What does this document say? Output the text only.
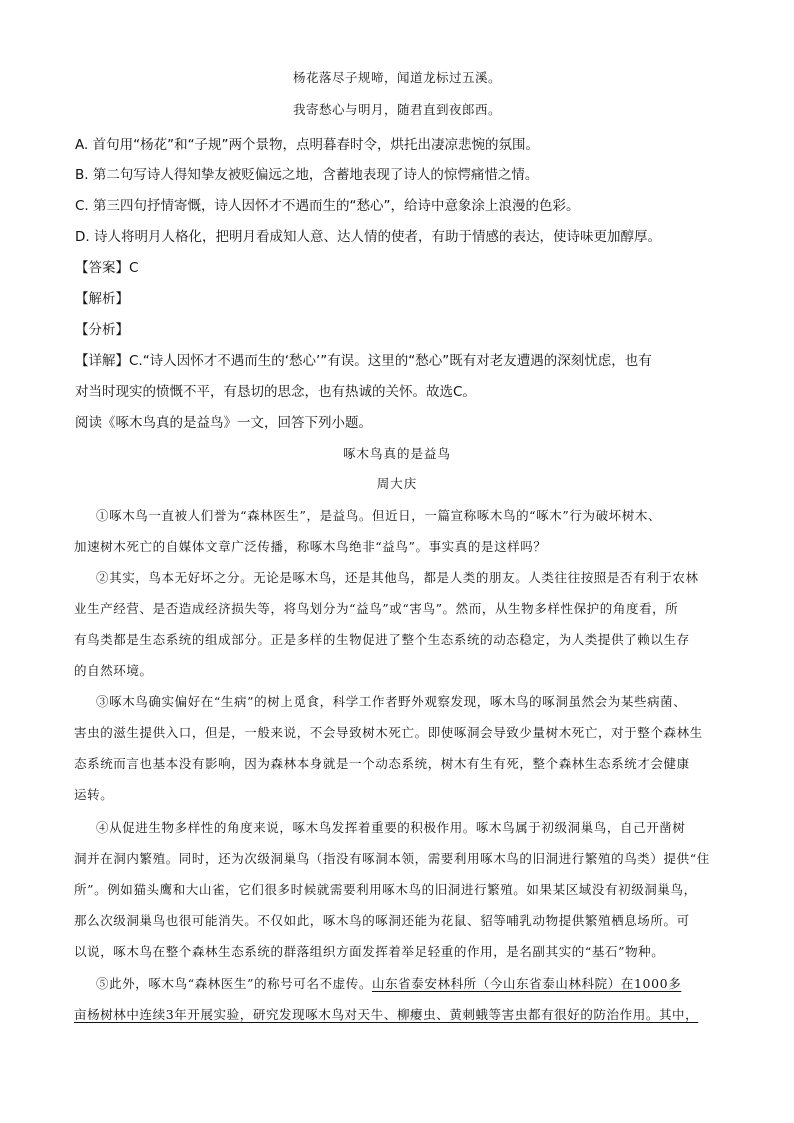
杨花落尽子规啼，闻道龙标过五溪。
我寄愁心与明月，随君直到夜郎西。
A. 首句用“杨花”和“子规”两个景物，点明暮春时令，烘托出凄凉悲惋的氛围。
B. 第二句写诗人得知挚友被贬偏远之地，含蓄地表现了诗人的惊愕痛惜之情。
C. 第三四句抒情寄慨，诗人因怀才不遇而生的“愁心”，给诗中意象涂上浪漫的色彩。
D. 诗人将明月人格化，把明月看成知人意、达人情的使者，有助于情感的表达，使诗味更加醇厚。
【答案】C
【解析】
【分析】
【详解】C.“诗人因怀才不遇而生的‘愁心’”有误。这里的“愁心”既有对老友遭遇的深刻忧虑，也有
对当时现实的愤慨不平，有恳切的思念，也有热诚的关怀。故选C。
阅读《啄木鸟真的是益鸟》一文，回答下列小题。
啄木鸟真的是益鸟
周大庆
①啄木鸟一直被人们誉为“森林医生”，是益鸟。但近日，一篇宣称啄木鸟的“啄木”行为破坏树木、
加速树木死亡的自媒体文章广泛传播，称啄木鸟绝非“益鸟”。事实真的是这样吗？
②其实，鸟本无好坏之分。无论是啄木鸟，还是其他鸟，都是人类的朋友。人类往往按照是否有利于农林
业生产经营、是否造成经济损失等，将鸟划分为“益鸟”或“害鸟”。然而，从生物多样性保护的角度看，所
有鸟类都是生态系统的组成部分。正是多样的生物促进了整个生态系统的动态稳定，为人类提供了赖以生存
的自然环境。
③啄木鸟确实偏好在“生病”的树上觅食，科学工作者野外观察发现，啄木鸟的啄洞虽然会为某些病菌、
害虫的滋生提供入口，但是，一般来说，不会导致树木死亡。即使啄洞会导致少量树木死亡，对于整个森林生
态系统而言也基本没有影响，因为森林本身就是一个动态系统，树木有生有死，整个森林生态系统才会健康
运转。
④从促进生物多样性的角度来说，啄木鸟发挥着重要的积极作用。啄木鸟属于初级洞巢鸟，自己开凿树
洞并在洞内繁殖。同时，还为次级洞巢鸟（指没有啄洞本领，需要利用啄木鸟的旧洞进行繁殖的鸟类）提供“住
所”。例如猫头鹰和大山雀，它们很多时候就需要利用啄木鸟的旧洞进行繁殖。如果某区域没有初级洞巢鸟，
那么次级洞巢鸟也很可能消失。不仅如此，啄木鸟的啄洞还能为花鼠、貂等哺乳动物提供繁殖栖息场所。可
以说，啄木鸟在整个森林生态系统的群落组织方面发挥着举足轻重的作用，是名副其实的“基石”物种。
⑤此外，啄木鸟“森林医生”的称号可名不虚传。山东省泰安林科所（今山东省泰山林科院）在1000多
亩杨树林中连续3年开展实验，研究发现啄木鸟对天牛、柳瘿虫、黄刺蛾等害虫都有很好的防治作用。其中，
